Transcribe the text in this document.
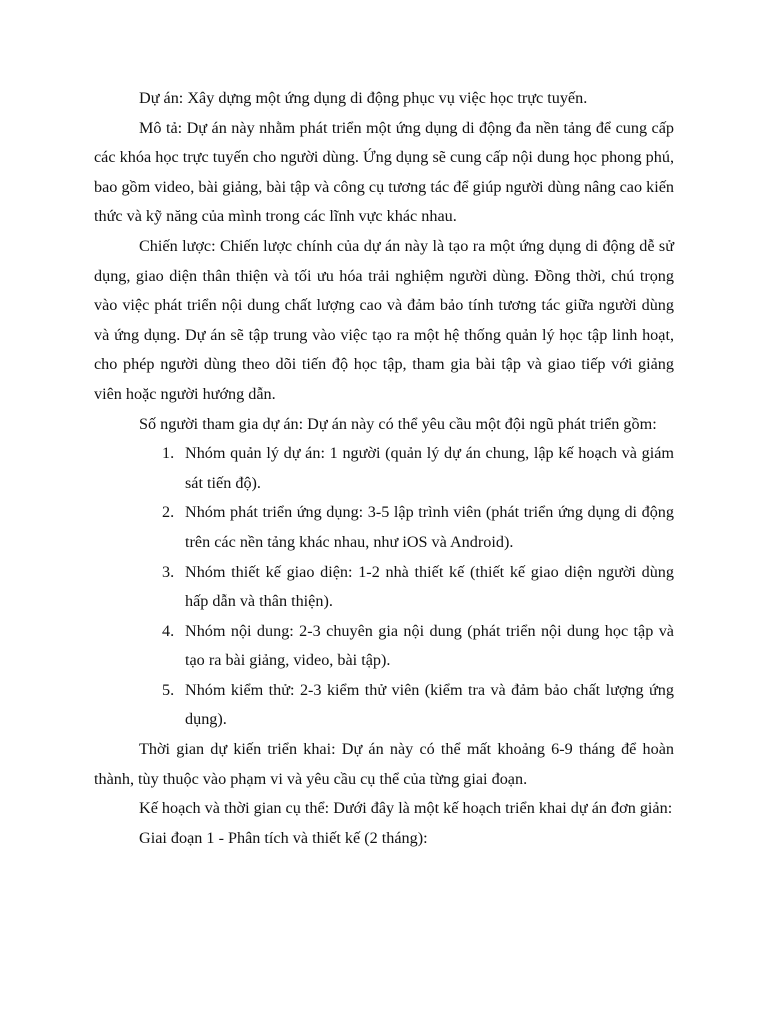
Dự án: Xây dựng một ứng dụng di động phục vụ việc học trực tuyến.

Mô tả: Dự án này nhằm phát triển một ứng dụng di động đa nền tảng để cung cấp các khóa học trực tuyến cho người dùng. Ứng dụng sẽ cung cấp nội dung học phong phú, bao gồm video, bài giảng, bài tập và công cụ tương tác để giúp người dùng nâng cao kiến thức và kỹ năng của mình trong các lĩnh vực khác nhau.

Chiến lược: Chiến lược chính của dự án này là tạo ra một ứng dụng di động dễ sử dụng, giao diện thân thiện và tối ưu hóa trải nghiệm người dùng. Đồng thời, chú trọng vào việc phát triển nội dung chất lượng cao và đảm bảo tính tương tác giữa người dùng và ứng dụng. Dự án sẽ tập trung vào việc tạo ra một hệ thống quản lý học tập linh hoạt, cho phép người dùng theo dõi tiến độ học tập, tham gia bài tập và giao tiếp với giảng viên hoặc người hướng dẫn.

Số người tham gia dự án: Dự án này có thể yêu cầu một đội ngũ phát triển gồm:

1. Nhóm quản lý dự án: 1 người (quản lý dự án chung, lập kế hoạch và giám sát tiến độ).
2. Nhóm phát triển ứng dụng: 3-5 lập trình viên (phát triển ứng dụng di động trên các nền tảng khác nhau, như iOS và Android).
3. Nhóm thiết kế giao diện: 1-2 nhà thiết kế (thiết kế giao diện người dùng hấp dẫn và thân thiện).
4. Nhóm nội dung: 2-3 chuyên gia nội dung (phát triển nội dung học tập và tạo ra bài giảng, video, bài tập).
5. Nhóm kiểm thử: 2-3 kiểm thử viên (kiểm tra và đảm bảo chất lượng ứng dụng).

Thời gian dự kiến triển khai: Dự án này có thể mất khoảng 6-9 tháng để hoàn thành, tùy thuộc vào phạm vi và yêu cầu cụ thể của từng giai đoạn.

Kế hoạch và thời gian cụ thể: Dưới đây là một kế hoạch triển khai dự án đơn giản:

Giai đoạn 1 - Phân tích và thiết kế (2 tháng):
